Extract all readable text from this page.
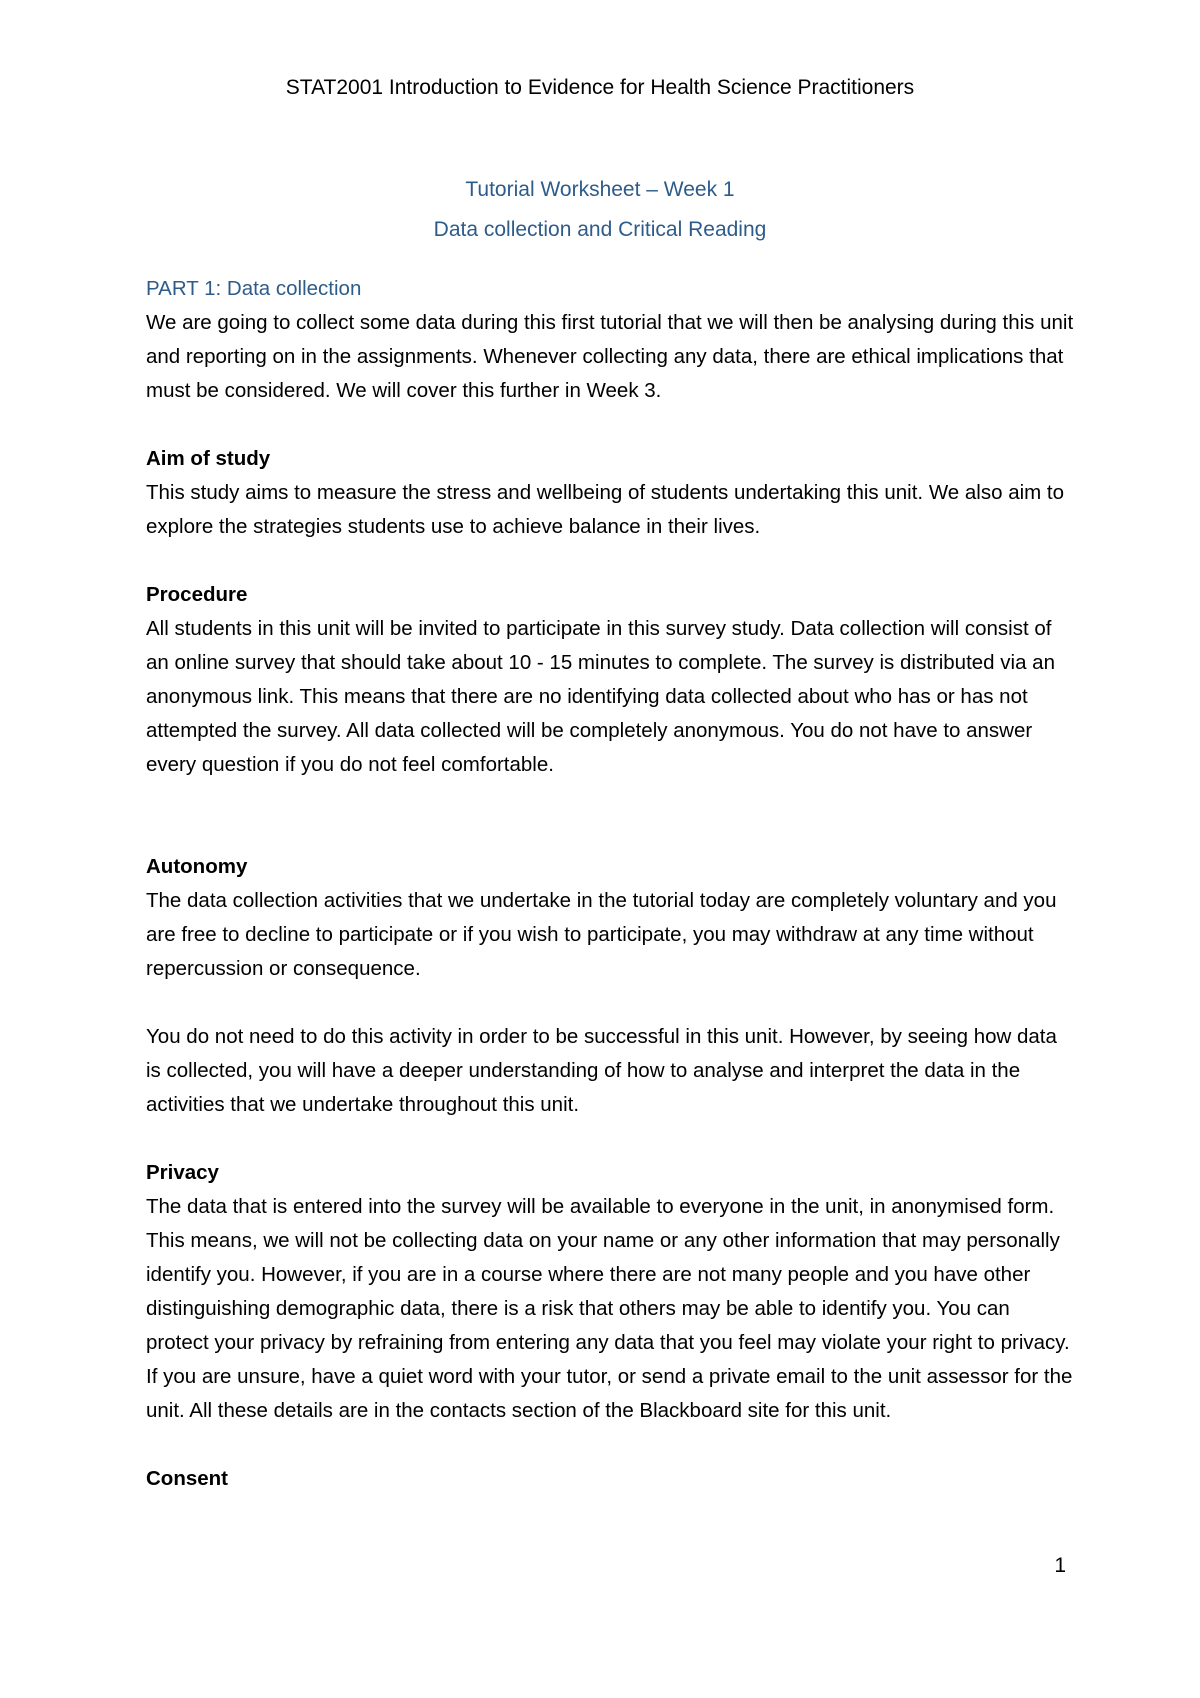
STAT2001 Introduction to Evidence for Health Science Practitioners
Tutorial Worksheet – Week 1
Data collection and Critical Reading
PART 1: Data collection

We are going to collect some data during this first tutorial that we will then be analysing during this unit and reporting on in the assignments. Whenever collecting any data, there are ethical implications that must be considered. We will cover this further in Week 3.

Aim of study

This study aims to measure the stress and wellbeing of students undertaking this unit. We also aim to explore the strategies students use to achieve balance in their lives.

Procedure

All students in this unit will be invited to participate in this survey study. Data collection will consist of an online survey that should take about 10 - 15 minutes to complete. The survey is distributed via an anonymous link. This means that there are no identifying data collected about who has or has not attempted the survey. All data collected will be completely anonymous. You do not have to answer every question if you do not feel comfortable.

Autonomy

The data collection activities that we undertake in the tutorial today are completely voluntary and you are free to decline to participate or if you wish to participate, you may withdraw at any time without repercussion or consequence.

You do not need to do this activity in order to be successful in this unit. However, by seeing how data is collected, you will have a deeper understanding of how to analyse and interpret the data in the activities that we undertake throughout this unit.

Privacy

The data that is entered into the survey will be available to everyone in the unit, in anonymised form. This means, we will not be collecting data on your name or any other information that may personally identify you. However, if you are in a course where there are not many people and you have other distinguishing demographic data, there is a risk that others may be able to identify you. You can protect your privacy by refraining from entering any data that you feel may violate your right to privacy. If you are unsure, have a quiet word with your tutor, or send a private email to the unit assessor for the unit. All these details are in the contacts section of the Blackboard site for this unit.

Consent
1
